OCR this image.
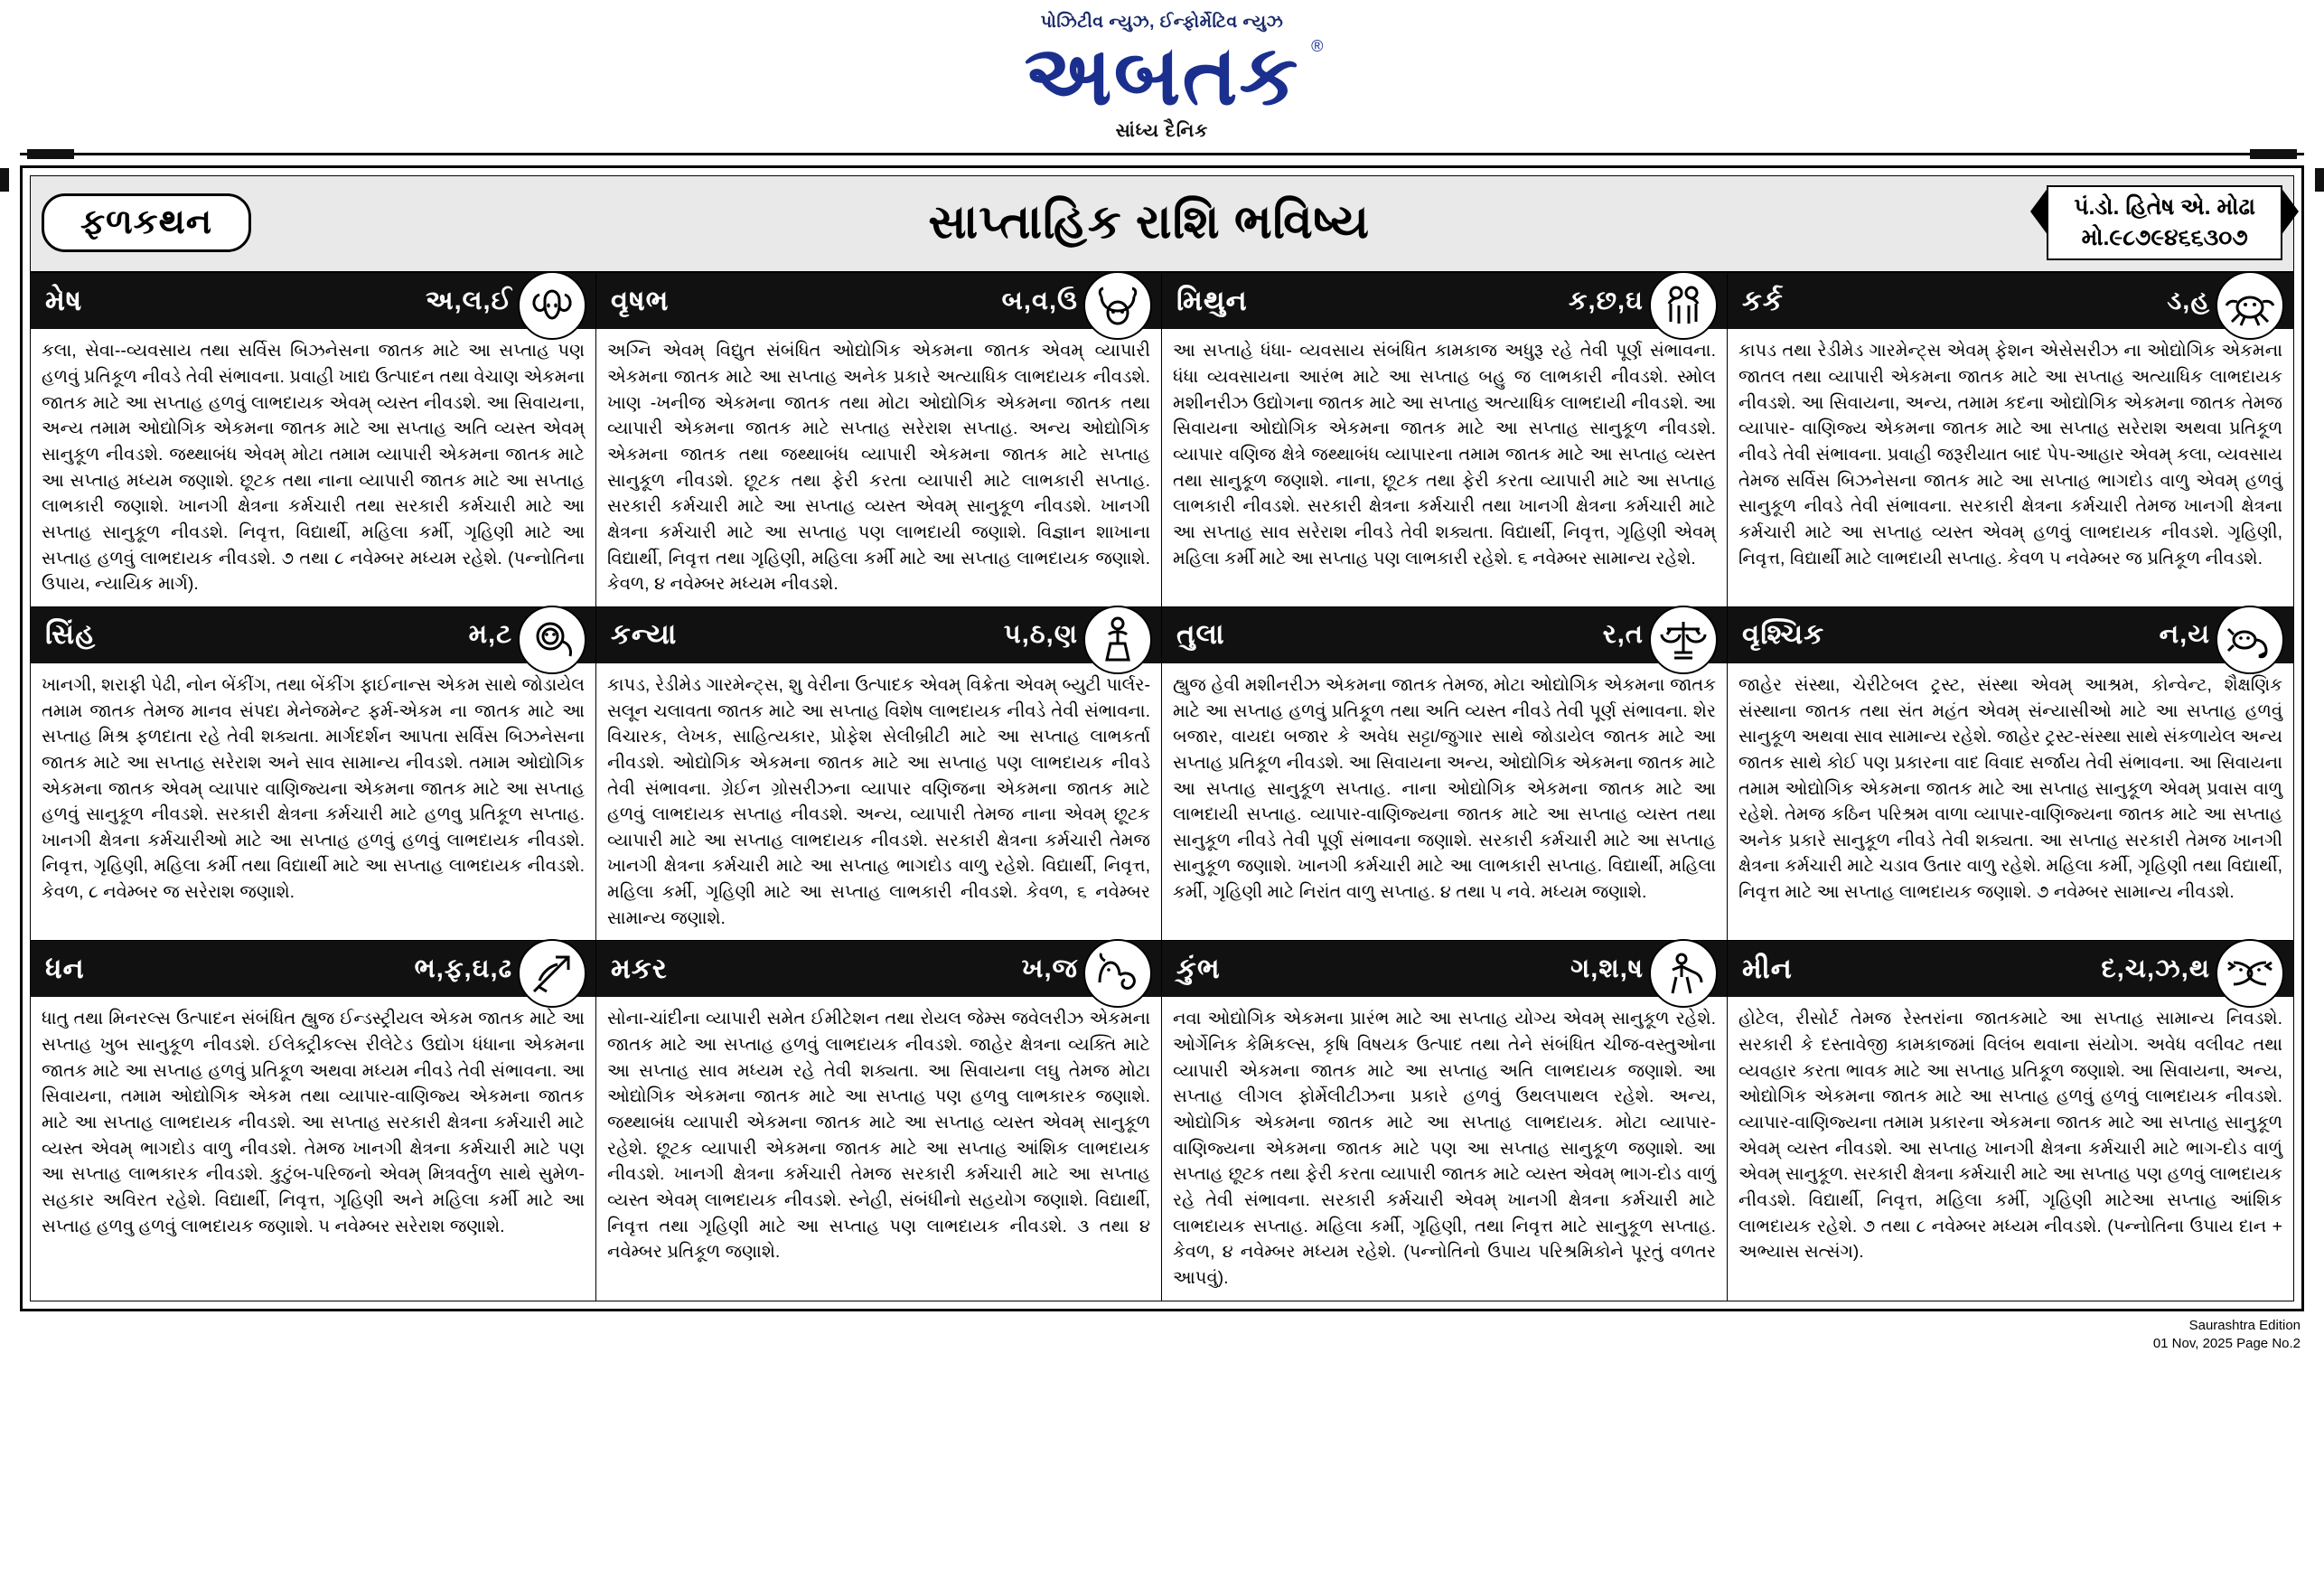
પોઝિટીવ ન્યુઝ, ઈન્ફોર્મેટિવ ન્યુઝ
અબતક ®
સાંધ્ય દૈનિક
ફળકથન	સાપ્તાહિક રાશિ ભવિષ્ય	પં.ડો. હિતેષ એ. મોઢા
મો.૯૮૭૯૪૬૬૩૦૭
મેષ	અ,લ,ઈ
કલા, સેવા--વ્યવસાય તથા સર્વિસ બિઝનેસના જાતક માટે આ સપ્તાહ પણ હળવું પ્રતિકૂળ નીવડે તેવી સંભાવના. પ્રવાહી ખાદ્ય ઉત્પાદન તથા વેચાણ એકમના જાતક માટે આ સપ્તાહ હળવું લાભદાયક એવમ્ વ્યસ્ત નીવડશે. આ સિવાયના, અન્ય તમામ ઓદ્યોગિક એકમના જાતક માટે આ સપ્તાહ અતિ વ્યસ્ત એવમ્ સાનુકૂળ નીવડશે. જથ્થાબંધ એવમ્ મોટા તમામ વ્યાપારી એકમના જાતક માટે આ સપ્તાહ મધ્યમ જણાશે. છૂટક તથા નાના વ્યાપારી જાતક માટે આ સપ્તાહ લાભકારી જણાશે. ખાનગી ક્ષેત્રના કર્મચારી તથા સરકારી કર્મચારી માટે આ સપ્તાહ સાનુકૂળ નીવડશે. નિવૃત્ત, વિદ્યાર્થી, મહિલા કર્મી, ગૃહિણી માટે આ સપ્તાહ હળવું લાભદાયક નીવડશે. ૭ તથા ૮ નવેમ્બર મધ્યમ રહેશે. (પન્નોતિના ઉપાય, ન્યાયિક માર્ગ).
વૃષભ	બ,વ,ઉ
અગ્નિ એવમ્ વિદ્યુત સંબંધિત ઓદ્યોગિક એકમના જાતક એવમ્ વ્યાપારી એકમના જાતક માટે આ સપ્તાહ અનેક પ્રકારે અત્યાધિક લાભદાયક નીવડશે. ખાણ -ખનીજ એકમના જાતક તથા મોટા ઓદ્યોગિક એકમના જાતક તથા વ્યાપારી એકમના જાતક માટે સપ્તાહ સરેરાશ સપ્તાહ. અન્ય ઓદ્યોગિક એકમના જાતક તથા જથ્થાબંધ વ્યાપારી એકમના જાતક માટે સપ્તાહ સાનુકૂળ નીવડશે. છૂટક તથા ફેરી કરતા વ્યાપારી માટે લાભકારી સપ્તાહ. સરકારી કર્મચારી માટે આ સપ્તાહ વ્યસ્ત એવમ્ સાનુકૂળ નીવડશે. ખાનગી ક્ષેત્રના કર્મચારી માટે આ સપ્તાહ પણ લાભદાયી જણાશે. વિજ્ઞાન શાખાના વિદ્યાર્થી, નિવૃત્ત તથા ગૃહિણી, મહિલા કર્મી માટે આ સપ્તાહ લાભદાયક જણાશે. કેવળ, ૪ નવેમ્બર મધ્યમ નીવડશે.
મિથુન	ક,છ,ઘ
આ સપ્તાહે ધંધા- વ્યવસાય સંબંધિત કામકાજ અધુરૂ રહે તેવી પૂર્ણ સંભાવના. ધંધા વ્યવસાયના આરંભ માટે આ સપ્તાહ બહુ જ લાભકારી નીવડશે. સ્મોલ મશીનરીઝ ઉદ્યોગના જાતક માટે આ સપ્તાહ અત્યાધિક લાભદાયી નીવડશે. આ સિવાયના ઓદ્યોગિક એકમના જાતક માટે આ સપ્તાહ સાનુકૂળ નીવડશે. વ્યાપાર વણિજ ક્ષેત્રે જથ્થાબંધ વ્યાપારના તમામ જાતક માટે આ સપ્તાહ વ્યસ્ત તથા સાનુકૂળ જણાશે. નાના, છૂટક તથા ફેરી કરતા વ્યાપારી માટે આ સપ્તાહ લાભકારી નીવડશે. સરકારી ક્ષેત્રના કર્મચારી તથા ખાનગી ક્ષેત્રના કર્મચારી માટે આ સપ્તાહ સાવ સરેરાશ નીવડે તેવી શક્યતા. વિદ્યાર્થી, નિવૃત્ત, ગૃહિણી એવમ્ મહિલા કર્મી માટે આ સપ્તાહ પણ લાભકારી રહેશે. ૬ નવેમ્બર સામાન્ય રહેશે.
કર્ક	ડ,હ
કાપડ તથા રેડીમેડ ગારમેન્ટ્સ એવમ્ ફેશન એસેસરીઝ ના ઓદ્યોગિક એકમના જાતલ તથા વ્યાપારી એકમના જાતક માટે આ સપ્તાહ અત્યાધિક લાભદાયક નીવડશે. આ સિવાયના, અન્ય, તમામ કદના ઓદ્યોગિક એકમના જાતક તેમજ વ્યાપાર- વાણિજ્ય એકમના જાતક માટે આ સપ્તાહ સરેરાશ અથવા પ્રતિકૂળ નીવડે તેવી સંભાવના. પ્રવાહી જરૂરીયાત બાદ પેપ-આહાર એવમ્ કલા, વ્યવસાય તેમજ સર્વિસ બિઝનેસના જાતક માટે આ સપ્તાહ ભાગદોડ વાળુ એવમ્ હળવું સાનુકૂળ નીવડે તેવી સંભાવના. સરકારી ક્ષેત્રના કર્મચારી તેમજ ખાનગી ક્ષેત્રના કર્મચારી માટે આ સપ્તાહ વ્યસ્ત એવમ્ હળવું લાભદાયક નીવડશે. ગૃહિણી, નિવૃત્ત, વિદ્યાર્થી માટે લાભદાયી સપ્તાહ. કેવળ ૫ નવેમ્બર જ પ્રતિકૂળ નીવડશે.
સિંહ	મ,ટ
ખાનગી, શરાફી પેઢી, નોન બેંકીંગ, તથા બેંકીંગ ફાઈનાન્સ એકમ સાથે જોડાયેલ તમામ જાતક તેમજ માનવ સંપદા મેનેજમેન્ટ ફર્મ-એકમ ના જાતક માટે આ સપ્તાહ મિશ્ર ફળદાતા રહે તેવી શક્યતા. માર્ગદર્શન આપતા સર્વિસ બિઝનેસના જાતક માટે આ સપ્તાહ સરેરાશ અને સાવ સામાન્ય નીવડશે. તમામ ઓદ્યોગિક એકમના જાતક એવમ્ વ્યાપાર વાણિજ્યના એકમના જાતક માટે આ સપ્તાહ હળવું સાનુકૂળ નીવડશે. સરકારી ક્ષેત્રના કર્મચારી માટે હળવુ પ્રતિકૂળ સપ્તાહ. ખાનગી ક્ષેત્રના કર્મચારીઓ માટે આ સપ્તાહ હળવું હળવું લાભદાયક નીવડશે. નિવૃત્ત, ગૃહિણી, મહિલા કર્મી તથા વિદ્યાર્થી માટે આ સપ્તાહ લાભદાયક નીવડશે. કેવળ, ૮ નવેમ્બર જ સરેરાશ જણાશે.
કન્યા	પ,ઠ,ણ
કાપડ, રેડીમેડ ગારમેન્ટ્સ, શુ વેરીના ઉત્પાદક એવમ્ વિક્રેતા એવમ્ બ્યુટી પાર્લર- સલૂન ચલાવતા જાતક માટે આ સપ્તાહ વિશેષ લાભદાયક નીવડે તેવી સંભાવના. વિચારક, લેખક, સાહિત્યકાર, પ્રોફેશ સેલીબ્રીટી માટે આ સપ્તાહ લાભકર્તા નીવડશે. ઓદ્યોગિક એકમના જાતક માટે આ સપ્તાહ પણ લાભદાયક નીવડે તેવી સંભાવના. ગ્રેઈન ગ્રોસરીઝના વ્યાપાર વણિજના એકમના જાતક માટે હળવું લાભદાયક સપ્તાહ નીવડશે. અન્ય, વ્યાપારી તેમજ નાના એવમ્ છૂટક વ્યાપારી માટે આ સપ્તાહ લાભદાયક નીવડશે. સરકારી ક્ષેત્રના કર્મચારી તેમજ ખાનગી ક્ષેત્રના કર્મચારી માટે આ સપ્તાહ ભાગદોડ વાળુ રહેશે. વિદ્યાર્થી, નિવૃત્ત, મહિલા કર્મી, ગૃહિણી માટે આ સપ્તાહ લાભકારી નીવડશે. કેવળ, ૬ નવેમ્બર સામાન્ય જણાશે.
તુલા	ર,ત
હ્યુજ હેવી મશીનરીઝ એકમના જાતક તેમજ, મોટા ઓદ્યોગિક એકમના જાતક માટે આ સપ્તાહ હળવું પ્રતિકૂળ તથા અતિ વ્યસ્ત નીવડે તેવી પૂર્ણ સંભાવના. શેર બજાર, વાયદા બજાર કે અવેધ સટ્ટા/જુગાર સાથે જોડાયેલ જાતક માટે આ સપ્તાહ પ્રતિકૂળ નીવડશે. આ સિવાયના અન્ય, ઓદ્યોગિક એકમના જાતક માટે આ સપ્તાહ સાનુકૂળ સપ્તાહ. નાના ઓદ્યોગિક એકમના જાતક માટે આ લાભદાયી સપ્તાહ. વ્યાપાર-વાણિજ્યના જાતક માટે આ સપ્તાહ વ્યસ્ત તથા સાનુકૂળ નીવડે તેવી પૂર્ણ સંભાવના જણાશે. સરકારી કર્મચારી માટે આ સપ્તાહ સાનુકૂળ જણાશે. ખાનગી કર્મચારી માટે આ લાભકારી સપ્તાહ. વિદ્યાર્થી, મહિલા કર્મી, ગૃહિણી માટે નિરાંત વાળુ સપ્તાહ. ૪ તથા ૫ નવે. મધ્યમ જણાશે.
વૃશ્ચિક	ન,ય
જાહેર સંસ્થા, ચેરીટેબલ ટ્રસ્ટ, સંસ્થા એવમ્ આશ્રમ, કોન્વેન્ટ, શૈક્ષણિક સંસ્થાના જાતક તથા સંત મહંત એવમ્ સંન્યાસીઓ માટે આ સપ્તાહ હળવું સાનુકૂળ અથવા સાવ સામાન્ય રહેશે. જાહેર ટ્રસ્ટ-સંસ્થા સાથે સંકળાયેલ અન્ય જાતક સાથે કોઈ પણ પ્રકારના વાદ વિવાદ સર્જાય તેવી સંભાવના. આ સિવાયના તમામ ઓદ્યોગિક એકમના જાતક માટે આ સપ્તાહ સાનુકૂળ એવમ્ પ્રવાસ વાળુ રહેશે. તેમજ કઠિન પરિશ્રમ વાળા વ્યાપાર-વાણિજ્યના જાતક માટે આ સપ્તાહ અનેક પ્રકારે સાનુકૂળ નીવડે તેવી શક્યતા. આ સપ્તાહ સરકારી તેમજ ખાનગી ક્ષેત્રના કર્મચારી માટે ચડાવ ઉતાર વાળુ રહેશે. મહિલા કર્મી, ગૃહિણી તથા વિદ્યાર્થી, નિવૃત્ત માટે આ સપ્તાહ લાભદાયક જણાશે. ૭ નવેમ્બર સામાન્ય નીવડશે.
ધન	ભ,ફ,ઘ,ઢ
ધાતુ તથા મિનરલ્સ ઉત્પાદન સંબંધિત હ્યુજ ઈન્ડસ્ટ્રીયલ એકમ જાતક માટે આ સપ્તાહ ખુબ સાનુકૂળ નીવડશે. ઈલેક્ટ્રીકલ્સ રીલેટેડ ઉદ્યોગ ધંધાના એકમના જાતક માટે આ સપ્તાહ હળવું પ્રતિકૂળ અથવા મધ્યમ નીવડે તેવી સંભાવના. આ સિવાયના, તમામ ઓદ્યોગિક એકમ તથા વ્યાપાર-વાણિજ્ય એકમના જાતક માટે આ સપ્તાહ લાભદાયક નીવડશે. આ સપ્તાહ સરકારી ક્ષેત્રના કર્મચારી માટે વ્યસ્ત એવમ્ ભાગદોડ વાળુ નીવડશે. તેમજ ખાનગી ક્ષેત્રના કર્મચારી માટે પણ આ સપ્તાહ લાભકારક નીવડશે. કુટુંબ-પરિજનો એવમ્ મિત્રવર્તુળ સાથે સુમેળ-સહકાર અવિરત રહેશે. વિદ્યાર્થી, નિવૃત્ત, ગૃહિણી અને મહિલા કર્મી માટે આ સપ્તાહ હળવુ હળવું લાભદાયક જણાશે. ૫ નવેમ્બર સરેરાશ જણાશે.
મકર	ખ,જ
સોના-ચાંદીના વ્યાપારી સમેત ઈમીટેશન તથા રોયલ જેમ્સ જવેલરીઝ એકમના જાતક માટે આ સપ્તાહ હળવું લાભદાયક નીવડશે. જાહેર ક્ષેત્રના વ્યક્તિ માટે આ સપ્તાહ સાવ મધ્યમ રહે તેવી શક્યતા. આ સિવાયના લઘુ તેમજ મોટા ઓદ્યોગિક એકમના જાતક માટે આ સપ્તાહ પણ હળવુ લાભકારક જણાશે. જથ્થાબંધ વ્યાપારી એકમના જાતક માટે આ સપ્તાહ વ્યસ્ત એવમ્ સાનુકૂળ રહેશે. છૂટક વ્યાપારી એકમના જાતક માટે આ સપ્તાહ આંશિક લાભદાયક નીવડશે. ખાનગી ક્ષેત્રના કર્મચારી તેમજ સરકારી કર્મચારી માટે આ સપ્તાહ વ્યસ્ત એવમ્ લાભદાયક નીવડશે. સ્નેહી, સંબંધીનો સહયોગ જણાશે. વિદ્યાર્થી, નિવૃત્ત તથા ગૃહિણી માટે આ સપ્તાહ પણ લાભદાયક નીવડશે. ૩ તથા ૪ નવેમ્બર પ્રતિકૂળ જણાશે.
કુંભ	ગ,શ,ષ
નવા ઓદ્યોગિક એકમના પ્રારંભ માટે આ સપ્તાહ યોગ્ય એવમ્ સાનુકૂળ રહેશે. ઓર્ગેનિક કેમિકલ્સ, કૃષિ વિષયક ઉત્પાદ તથા તેને સંબંધિત ચીજ-વસ્તુઓના વ્યાપારી એકમના જાતક માટે આ સપ્તાહ અતિ લાભદાયક જણાશે. આ સપ્તાહ લીગલ ફોર્મેલીટીઝના પ્રકારે હળવું ઉથલપાથલ રહેશે. અન્ય, ઓદ્યોગિક એકમના જાતક માટે આ સપ્તાહ લાભદાયક. મોટા વ્યાપાર-વાણિજ્યના એકમના જાતક માટે પણ આ સપ્તાહ સાનુકૂળ જણાશે. આ સપ્તાહ છૂટક તથા ફેરી કરતા વ્યાપારી જાતક માટે વ્યસ્ત એવમ્ ભાગ-દોડ વાળું રહે તેવી સંભાવના. સરકારી કર્મચારી એવમ્ ખાનગી ક્ષેત્રના કર્મચારી માટે લાભદાયક સપ્તાહ. મહિલા કર્મી, ગૃહિણી, તથા નિવૃત્ત માટે સાનુકૂળ સપ્તાહ. કેવળ, ૪ નવેમ્બર મધ્યમ રહેશે. (પન્નોતિનો ઉપાય પરિશ્રમિકોને પૂરતું વળતર આપવું).
મીન	દ,ચ,ઝ,થ
હોટેલ, રીસોર્ટ તેમજ રેસ્તરાંના જાતકમાટે આ સપ્તાહ સામાન્ય નિવડશે. સરકારી કે દસ્તાવેજી કામકાજમાં વિલંબ થવાના સંયોગ. અવેધ વલીવટ તથા વ્યવહાર કરતા ભાવક માટે આ સપ્તાહ પ્રતિકૂળ જણાશે. આ સિવાયના, અન્ય, ઓદ્યોગિક એકમના જાતક માટે આ સપ્તાહ હળવું હળવું લાભદાયક નીવડશે. વ્યાપાર-વાણિજ્યના તમામ પ્રકારના એકમના જાતક માટે આ સપ્તાહ સાનુકૂળ એવમ્ વ્યસ્ત નીવડશે. આ સપ્તાહ ખાનગી ક્ષેત્રના કર્મચારી માટે ભાગ-દોડ વાળું એવમ્ સાનુકૂળ. સરકારી ક્ષેત્રના કર્મચારી માટે આ સપ્તાહ પણ હળવું લાભદાયક નીવડશે. વિદ્યાર્થી, નિવૃત્ત, મહિલા કર્મી, ગૃહિણી માટેઆ સપ્તાહ આંશિક લાભદાયક રહેશે. ૭ તથા ૮ નવેમ્બર મધ્યમ નીવડશે. (પન્નોતિના ઉપાય દાન + અભ્યાસ સત્સંગ).
Saurashtra Edition
01 Nov, 2025 Page No.2
